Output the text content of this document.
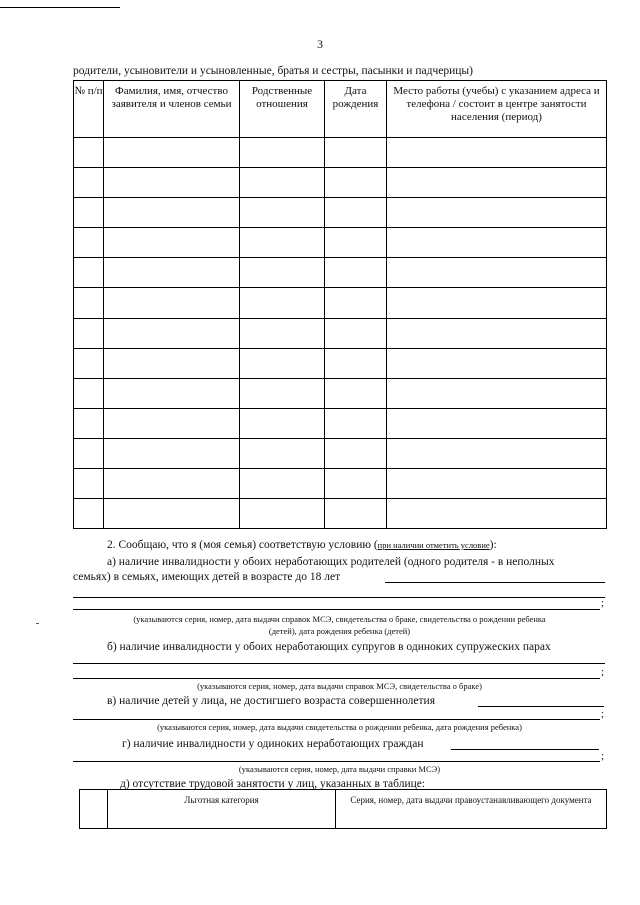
3
родители, усыновители и усыновленные, братья и сестры, пасынки и падчерицы)
№ п/п	Фамилия, имя, отчество заявителя и членов семьи	Родственные отношения	Дата рождения	Место работы (учебы) с указанием адреса и телефона / состоит в центре занятости населения (период)

2. Сообщаю, что я (моя семья) соответствую условию (при наличии отметить условие):
а) наличие инвалидности у обоих неработающих родителей (одного родителя - в неполных
семьях) в семьях, имеющих детей в возрасте до 18 лет
;
(указываются серия, номер, дата выдачи справок МСЭ, свидетельства о браке, свидетельства о рождении ребенка
(детей), дата рождения ребенка (детей)
б) наличие инвалидности у обоих неработающих супругов в одиноких супружеских парах
;
(указываются серия, номер, дата выдачи справок МСЭ, свидетельства о браке)
в) наличие детей у лица, не достигшего возраста совершеннолетия
;
(указываются серия, номер, дата выдачи свидетельства о рождении ребенка, дата рождения ребенка)
г) наличие инвалидности у одиноких неработающих граждан
;
(указываются серия, номер, дата выдачи справки МСЭ)
д) отсутствие трудовой занятости у лиц, указанных в таблице:
	Льготная категория	Серия, номер, дата выдачи правоустанавливающего документа
